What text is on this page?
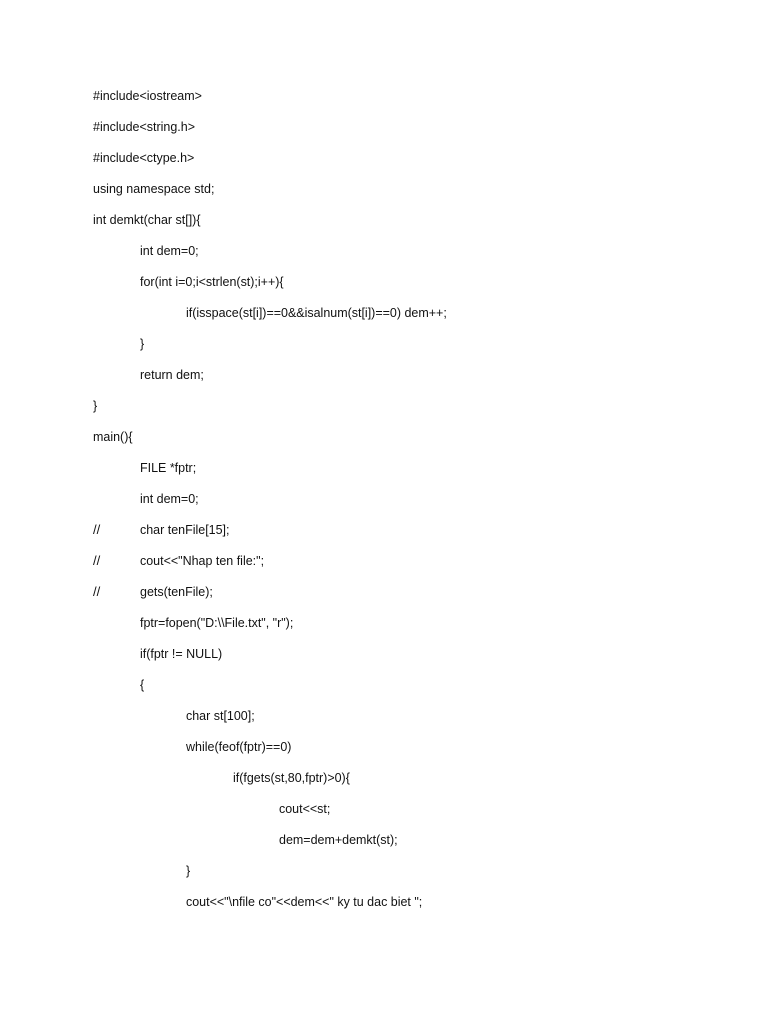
#include<iostream>
#include<string.h>
#include<ctype.h>
using namespace std;
int demkt(char st[]){
int dem=0;
for(int i=0;i<strlen(st);i++){
if(isspace(st[i])==0&&isalnum(st[i])==0) dem++;
}
return dem;
}
main(){
FILE *fptr;
int dem=0;
//	char tenFile[15];
//	cout<<"Nhap ten file:";
//	gets(tenFile);
fptr=fopen("D:\\File.txt", "r");
if(fptr != NULL)
{
char st[100];
while(feof(fptr)==0)
if(fgets(st,80,fptr)>0){
cout<<st;
dem=dem+demkt(st);
}
cout<<"\nfile co"<<dem<<" ky tu dac biet ";
